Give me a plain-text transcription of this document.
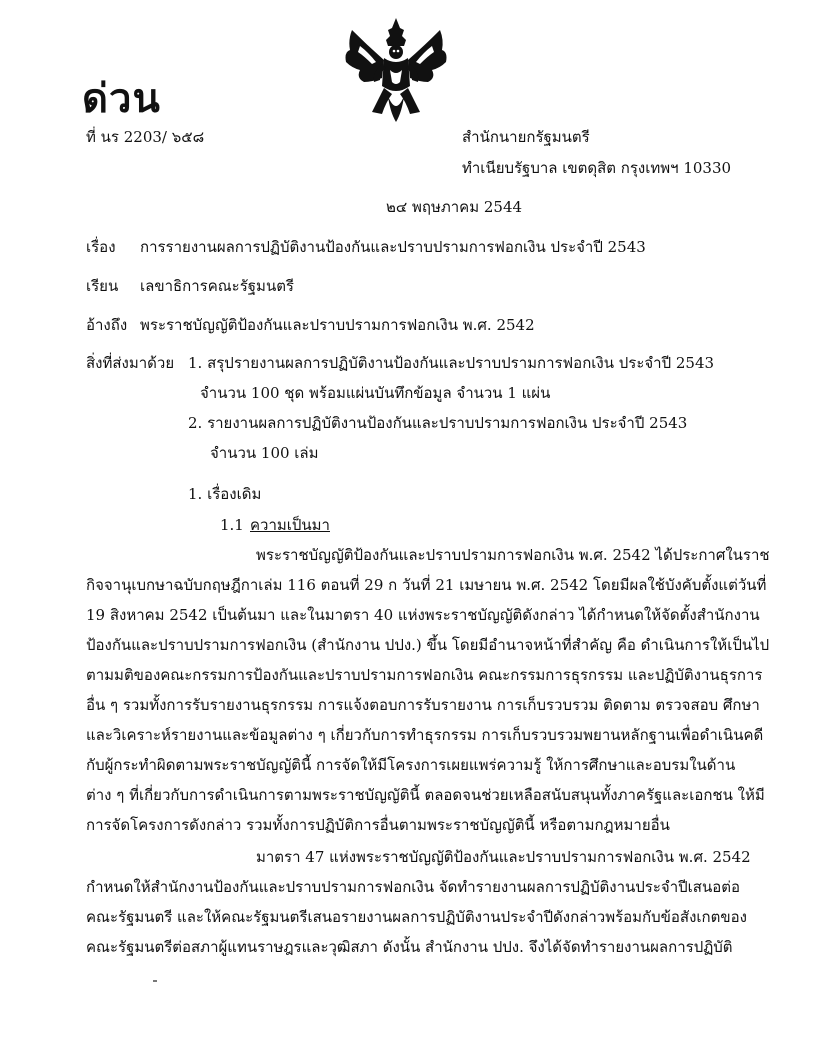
ด่วน
ที่ นร 2203/ ๖๕๘	สำนักนายกรัฐมนตรี
ทำเนียบรัฐบาล เขตดุสิต กรุงเทพฯ 10330
๒๔ พฤษภาคม 2544
เรื่อง การรายงานผลการปฏิบัติงานป้องกันและปราบปรามการฟอกเงิน ประจำปี 2543
เรียน เลขาธิการคณะรัฐมนตรี
อ้างถึง พระราชบัญญัติป้องกันและปราบปรามการฟอกเงิน พ.ศ. 2542
สิ่งที่ส่งมาด้วย 1. สรุปรายงานผลการปฏิบัติงานป้องกันและปราบปรามการฟอกเงิน ประจำปี 2543
จำนวน 100 ชุด พร้อมแผ่นบันทึกข้อมูล จำนวน 1 แผ่น
2. รายงานผลการปฏิบัติงานป้องกันและปราบปรามการฟอกเงิน ประจำปี 2543
จำนวน 100 เล่ม
1. เรื่องเดิม
1.1 ความเป็นมา
พระราชบัญญัติป้องกันและปราบปรามการฟอกเงิน พ.ศ. 2542 ได้ประกาศในราช
กิจจานุเบกษาฉบับกฤษฎีกาเล่ม 116 ตอนที่ 29 ก วันที่ 21 เมษายน พ.ศ. 2542 โดยมีผลใช้บังคับตั้งแต่วันที่
19 สิงหาคม 2542 เป็นต้นมา และในมาตรา 40 แห่งพระราชบัญญัติดังกล่าว ได้กำหนดให้จัดตั้งสำนักงาน
ป้องกันและปราบปรามการฟอกเงิน (สำนักงาน ปปง.) ขึ้น โดยมีอำนาจหน้าที่สำคัญ คือ ดำเนินการให้เป็นไป
ตามมติของคณะกรรมการป้องกันและปราบปรามการฟอกเงิน คณะกรรมการธุรกรรม และปฏิบัติงานธุรการ
อื่น ๆ รวมทั้งการรับรายงานธุรกรรม การแจ้งตอบการรับรายงาน การเก็บรวบรวม ติดตาม ตรวจสอบ ศึกษา
และวิเคราะห์รายงานและข้อมูลต่าง ๆ เกี่ยวกับการทำธุรกรรม การเก็บรวบรวมพยานหลักฐานเพื่อดำเนินคดี
กับผู้กระทำผิดตามพระราชบัญญัตินี้ การจัดให้มีโครงการเผยแพร่ความรู้ ให้การศึกษาและอบรมในด้าน
ต่าง ๆ ที่เกี่ยวกับการดำเนินการตามพระราชบัญญัตินี้ ตลอดจนช่วยเหลือสนับสนุนทั้งภาครัฐและเอกชน ให้มี
การจัดโครงการดังกล่าว รวมทั้งการปฏิบัติการอื่นตามพระราชบัญญัตินี้ หรือตามกฎหมายอื่น
มาตรา 47 แห่งพระราชบัญญัติป้องกันและปราบปรามการฟอกเงิน พ.ศ. 2542
กำหนดให้สำนักงานป้องกันและปราบปรามการฟอกเงิน จัดทำรายงานผลการปฏิบัติงานประจำปีเสนอต่อ
คณะรัฐมนตรี และให้คณะรัฐมนตรีเสนอรายงานผลการปฏิบัติงานประจำปีดังกล่าวพร้อมกับข้อสังเกตของ
คณะรัฐมนตรีต่อสภาผู้แทนราษฎรและวุฒิสภา ดังนั้น สำนักงาน ปปง. จึงได้จัดทำรายงานผลการปฏิบัติ
